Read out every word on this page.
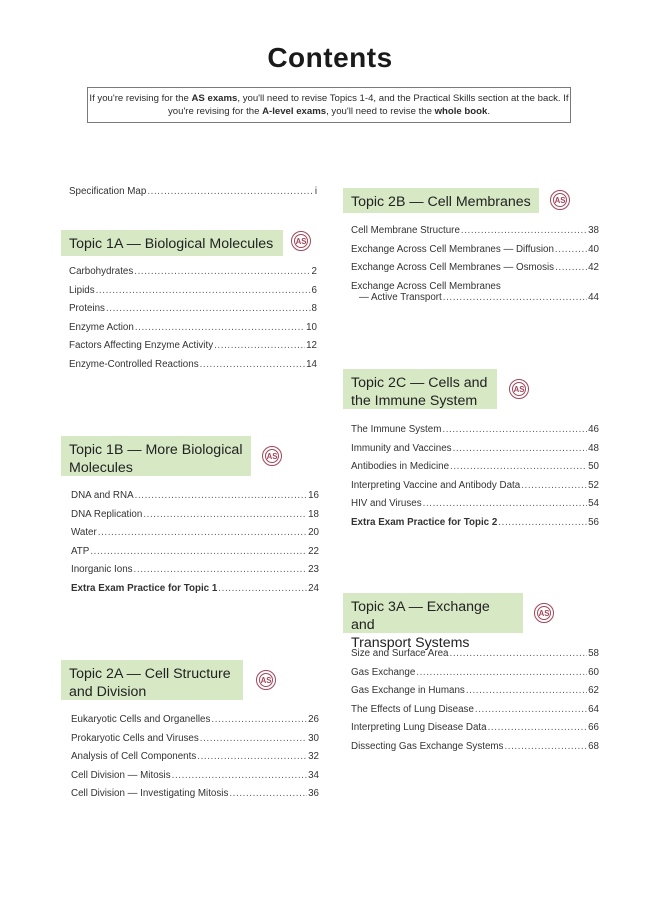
Contents
If you're revising for the AS exams, you'll need to revise Topics 1-4, and the Practical Skills section at the back. If you're revising for the A-level exams, you'll need to revise the whole book.
Specification Map .....	i
Topic 1A — Biological Molecules	AS
Carbohydrates .....	2
Lipids .....	6
Proteins .....	8
Enzyme Action .....	10
Factors Affecting Enzyme Activity .....	12
Enzyme-Controlled Reactions .....	14
Topic 1B — More Biological
Molecules
AS
DNA and RNA .....	16
DNA Replication .....	18
Water .....	20
ATP .....	22
Inorganic Ions .....	23
Extra Exam Practice for Topic 1 .....	24
Topic 2A — Cell Structure
and Division
AS
Eukaryotic Cells and Organelles .....	26
Prokaryotic Cells and Viruses .....	30
Analysis of Cell Components .....	32
Cell Division — Mitosis .....	34
Cell Division — Investigating Mitosis .....	36
Topic 2B — Cell Membranes	AS
Cell Membrane Structure .....	38
Exchange Across Cell Membranes — Diffusion .....	40
Exchange Across Cell Membranes — Osmosis .....	42
Exchange Across Cell Membranes
— Active Transport .....	44
Topic 2C — Cells and
the Immune System
AS
The Immune System .....	46
Immunity and Vaccines .....	48
Antibodies in Medicine .....	50
Interpreting Vaccine and Antibody Data .....	52
HIV and Viruses .....	54
Extra Exam Practice for Topic 2 .....	56
Topic 3A — Exchange and
Transport Systems
AS
Size and Surface Area .....	58
Gas Exchange .....	60
Gas Exchange in Humans .....	62
The Effects of Lung Disease .....	64
Interpreting Lung Disease Data .....	66
Dissecting Gas Exchange Systems .....	68
